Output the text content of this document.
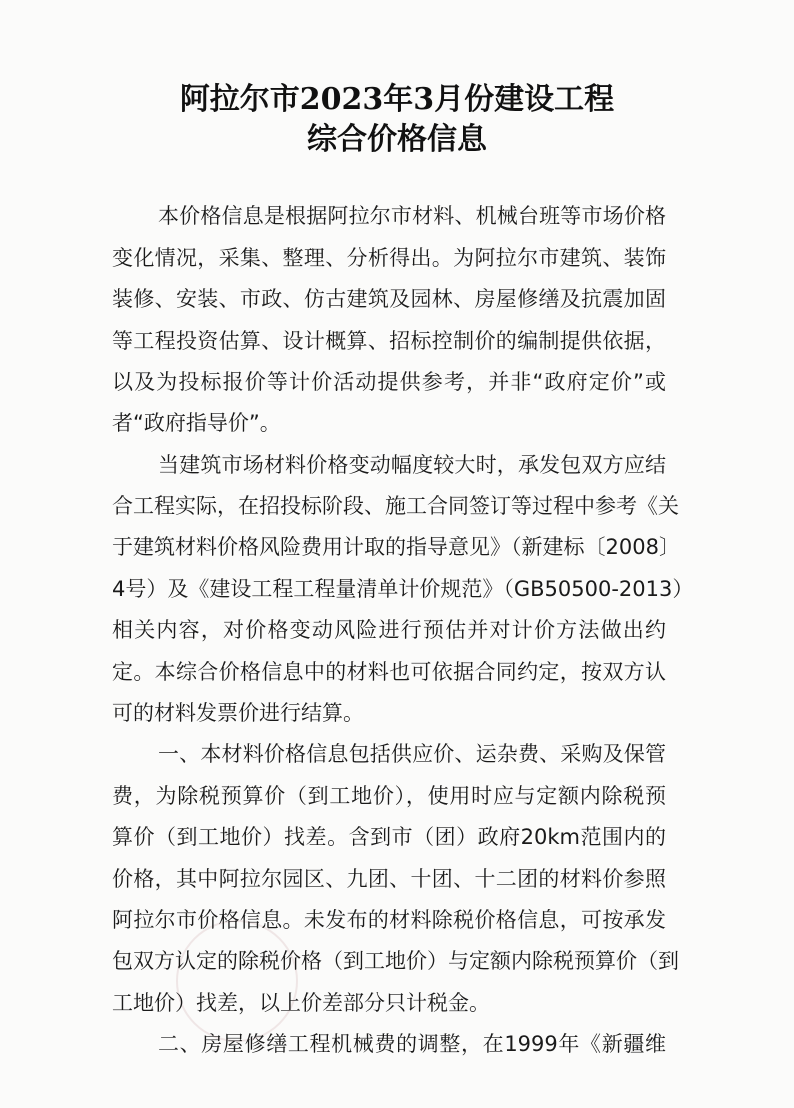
阿拉尔市2023年3月份建设工程
综合价格信息

本价格信息是根据阿拉尔市材料、机械台班等市场价格

变化情况，采集、整理、分析得出。为阿拉尔市建筑、装饰

装修、安装、市政、仿古建筑及园林、房屋修缮及抗震加固

等工程投资估算、设计概算、招标控制价的编制提供依据，

以及为投标报价等计价活动提供参考，并非“政府定价”或

者“政府指导价”。

当建筑市场材料价格变动幅度较大时，承发包双方应结

合工程实际，在招投标阶段、施工合同签订等过程中参考《关

于建筑材料价格风险费用计取的指导意见》（新建标〔2008〕

4号）及《建设工程工程量清单计价规范》（GB50500-2013）

相关内容，对价格变动风险进行预估并对计价方法做出约

定。本综合价格信息中的材料也可依据合同约定，按双方认

可的材料发票价进行结算。

一、本材料价格信息包括供应价、运杂费、采购及保管

费，为除税预算价（到工地价），使用时应与定额内除税预

算价（到工地价）找差。含到市（团）政府20km范围内的

价格，其中阿拉尔园区、九团、十团、十二团的材料价参照

阿拉尔市价格信息。未发布的材料除税价格信息，可按承发

包双方认定的除税价格（到工地价）与定额内除税预算价（到

工地价）找差，以上价差部分只计税金。

二、房屋修缮工程机械费的调整，在1999年《新疆维
